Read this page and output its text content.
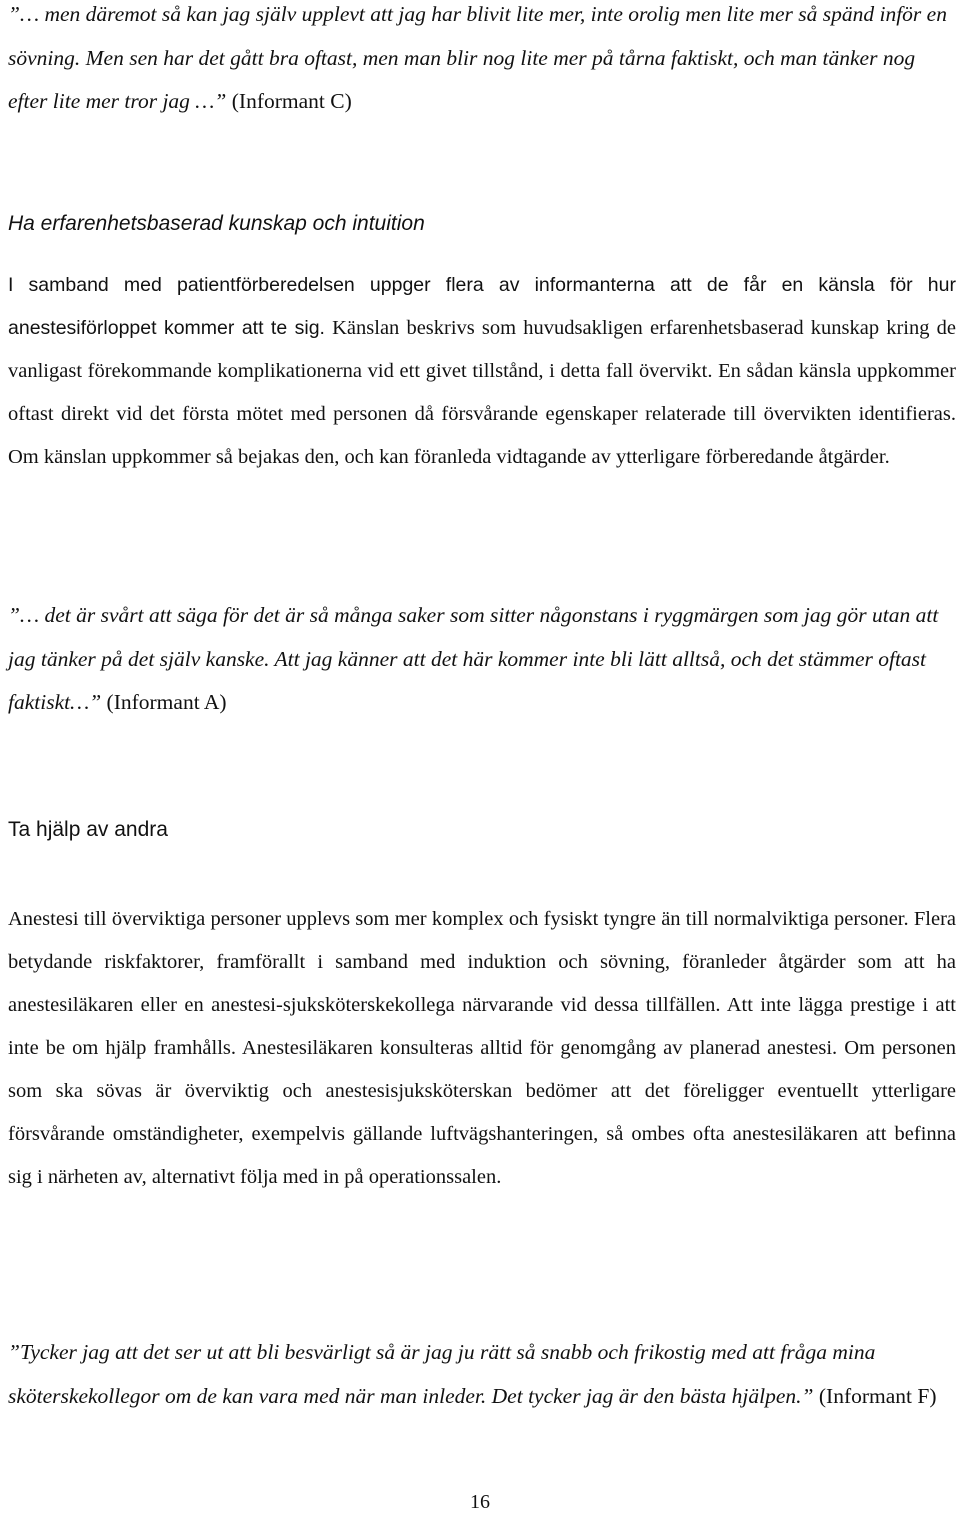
”… men däremot så kan jag själv upplevt att jag har blivit lite mer, inte orolig men lite mer så spänd inför en sövning. Men sen har det gått bra oftast, men man blir nog lite mer på tårna faktiskt, och man tänker nog efter lite mer tror jag …” (Informant C)

Ha erfarenhetsbaserad kunskap och intuition

I samband med patientförberedelsen uppger flera av informanterna att de får en känsla för hur anestesiförloppet kommer att te sig. Känslan beskrivs som huvudsakligen erfarenhetsbaserad kunskap kring de vanligast förekommande komplikationerna vid ett givet tillstånd, i detta fall övervikt. En sådan känsla uppkommer oftast direkt vid det första mötet med personen då försvårande egenskaper relaterade till övervikten identifieras. Om känslan uppkommer så bejakas den, och kan föranleda vidtagande av ytterligare förberedande åtgärder.

”… det är svårt att säga för det är så många saker som sitter någonstans i ryggmärgen som jag gör utan att jag tänker på det själv kanske. Att jag känner att det här kommer inte bli lätt alltså, och det stämmer oftast faktiskt…” (Informant A)

Ta hjälp av andra

Anestesi till överviktiga personer upplevs som mer komplex och fysiskt tyngre än till normalviktiga personer. Flera betydande riskfaktorer, framförallt i samband med induktion och sövning, föranleder åtgärder som att ha anestesiläkaren eller en anestesi-sjuksköterskekollega närvarande vid dessa tillfällen. Att inte lägga prestige i att inte be om hjälp framhålls. Anestesiläkaren konsulteras alltid för genomgång av planerad anestesi. Om personen som ska sövas är överviktig och anestesisjuksköterskan bedömer att det föreligger eventuellt ytterligare försvårande omständigheter, exempelvis gällande luftvägshanteringen, så ombes ofta anestesiläkaren att befinna sig i närheten av, alternativt följa med in på operationssalen.

”Tycker jag att det ser ut att bli besvärligt så är jag ju rätt så snabb och frikostig med att fråga mina sköterskekollegor om de kan vara med när man inleder. Det tycker jag är den bästa hjälpen.” (Informant F)

16
